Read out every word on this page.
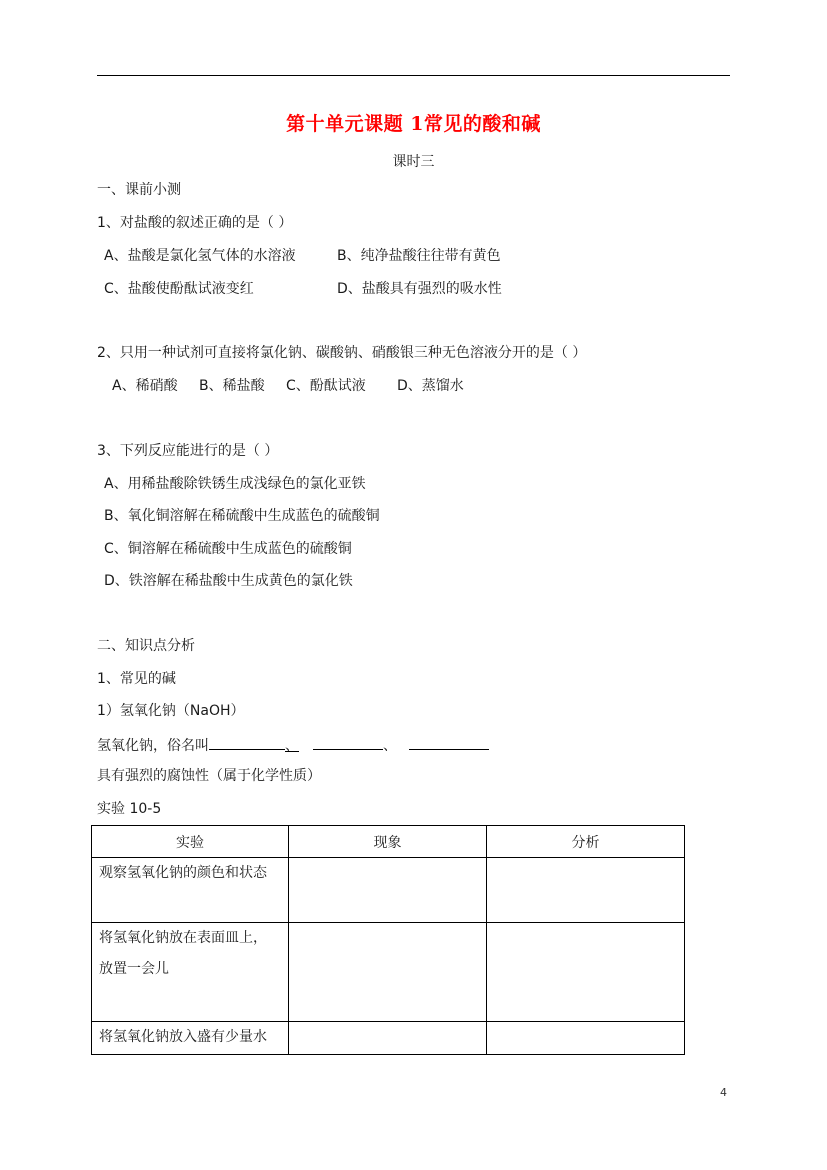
第十单元课题 1常见的酸和碱
课时三
一、课前小测
1、对盐酸的叙述正确的是（ ）
A、盐酸是氯化氢气体的水溶液	B、纯净盐酸往往带有黄色
C、盐酸使酚酞试液变红	D、盐酸具有强烈的吸水性
2、只用一种试剂可直接将氯化钠、碳酸钠、硝酸银三种无色溶液分开的是（ ）
A、稀硝酸 B、稀盐酸 C、酚酞试液 D、蒸馏水
3、下列反应能进行的是（ ）
A、用稀盐酸除铁锈生成浅绿色的氯化亚铁
B、氧化铜溶解在稀硫酸中生成蓝色的硫酸铜
C、铜溶解在稀硫酸中生成蓝色的硫酸铜
D、铁溶解在稀盐酸中生成黄色的氯化铁
二、知识点分析
1、常见的碱
1）氢氧化钠（NaOH）
氢氧化钠，俗名叫	、	、
具有强烈的腐蚀性（属于化学性质）
实验 10-5
实验	现象	分析

观察氢氧化钠的颜色和状态		

将氢氧化钠放在表面皿上，
放置一会儿		

将氢氧化钠放入盛有少量水		

4
